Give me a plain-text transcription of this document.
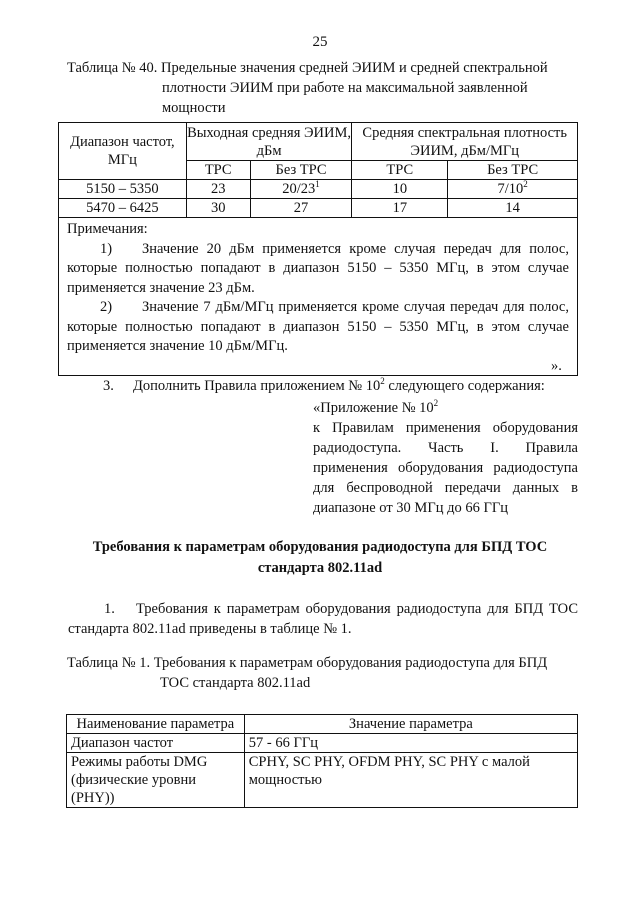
25
Таблица № 40. Предельные значения средней ЭИИМ и средней спектральной
плотности ЭИИМ при работе на максимальной заявленной
мощности
Диапазон частот, МГц	Выходная средняя ЭИИМ, дБм		Средняя спектральная плотность ЭИИМ, дБм/МГц	
	ТРС	Без ТРС	ТРС	Без ТРС
5150 – 5350	23	$20/23^1$	10	$7/10^2$
5470 – 6425	30	27	17	14

Примечания:
1) Значение 20 дБм применяется кроме случая передач для полос, которые полностью попадают в диапазон 5150 – 5350 МГц, в этом случае применяется значение 23 дБм.
2) Значение 7 дБм/МГц применяется кроме случая передач для полос, которые полностью попадают в диапазон 5150 – 5350 МГц, в этом случае применяется значение 10 дБм/МГц.				
».
3. Дополнить Правила приложением № $10^2$ следующего содержания:
«Приложение № $10^2$
к Правилам применения оборудования радиодоступа. Часть I. Правила применения оборудования радиодоступа для беспроводной передачи данных в диапазоне от 30 МГц до 66 ГГц
Требования к параметрам оборудования радиодоступа для БПД ТОС
стандарта 802.11ad
1. Требования к параметрам оборудования радиодоступа для БПД ТОС стандарта 802.11ad приведены в таблице № 1.
Таблица № 1. Требования к параметрам оборудования радиодоступа для БПД
ТОС стандарта 802.11ad
Наименование параметра	Значение параметра
Диапазон частот	57 - 66 ГГц
Режимы работы DMG (физические уровни (PHY))	CPHY, SC PHY, OFDM PHY, SC PHY с малой мощностью
